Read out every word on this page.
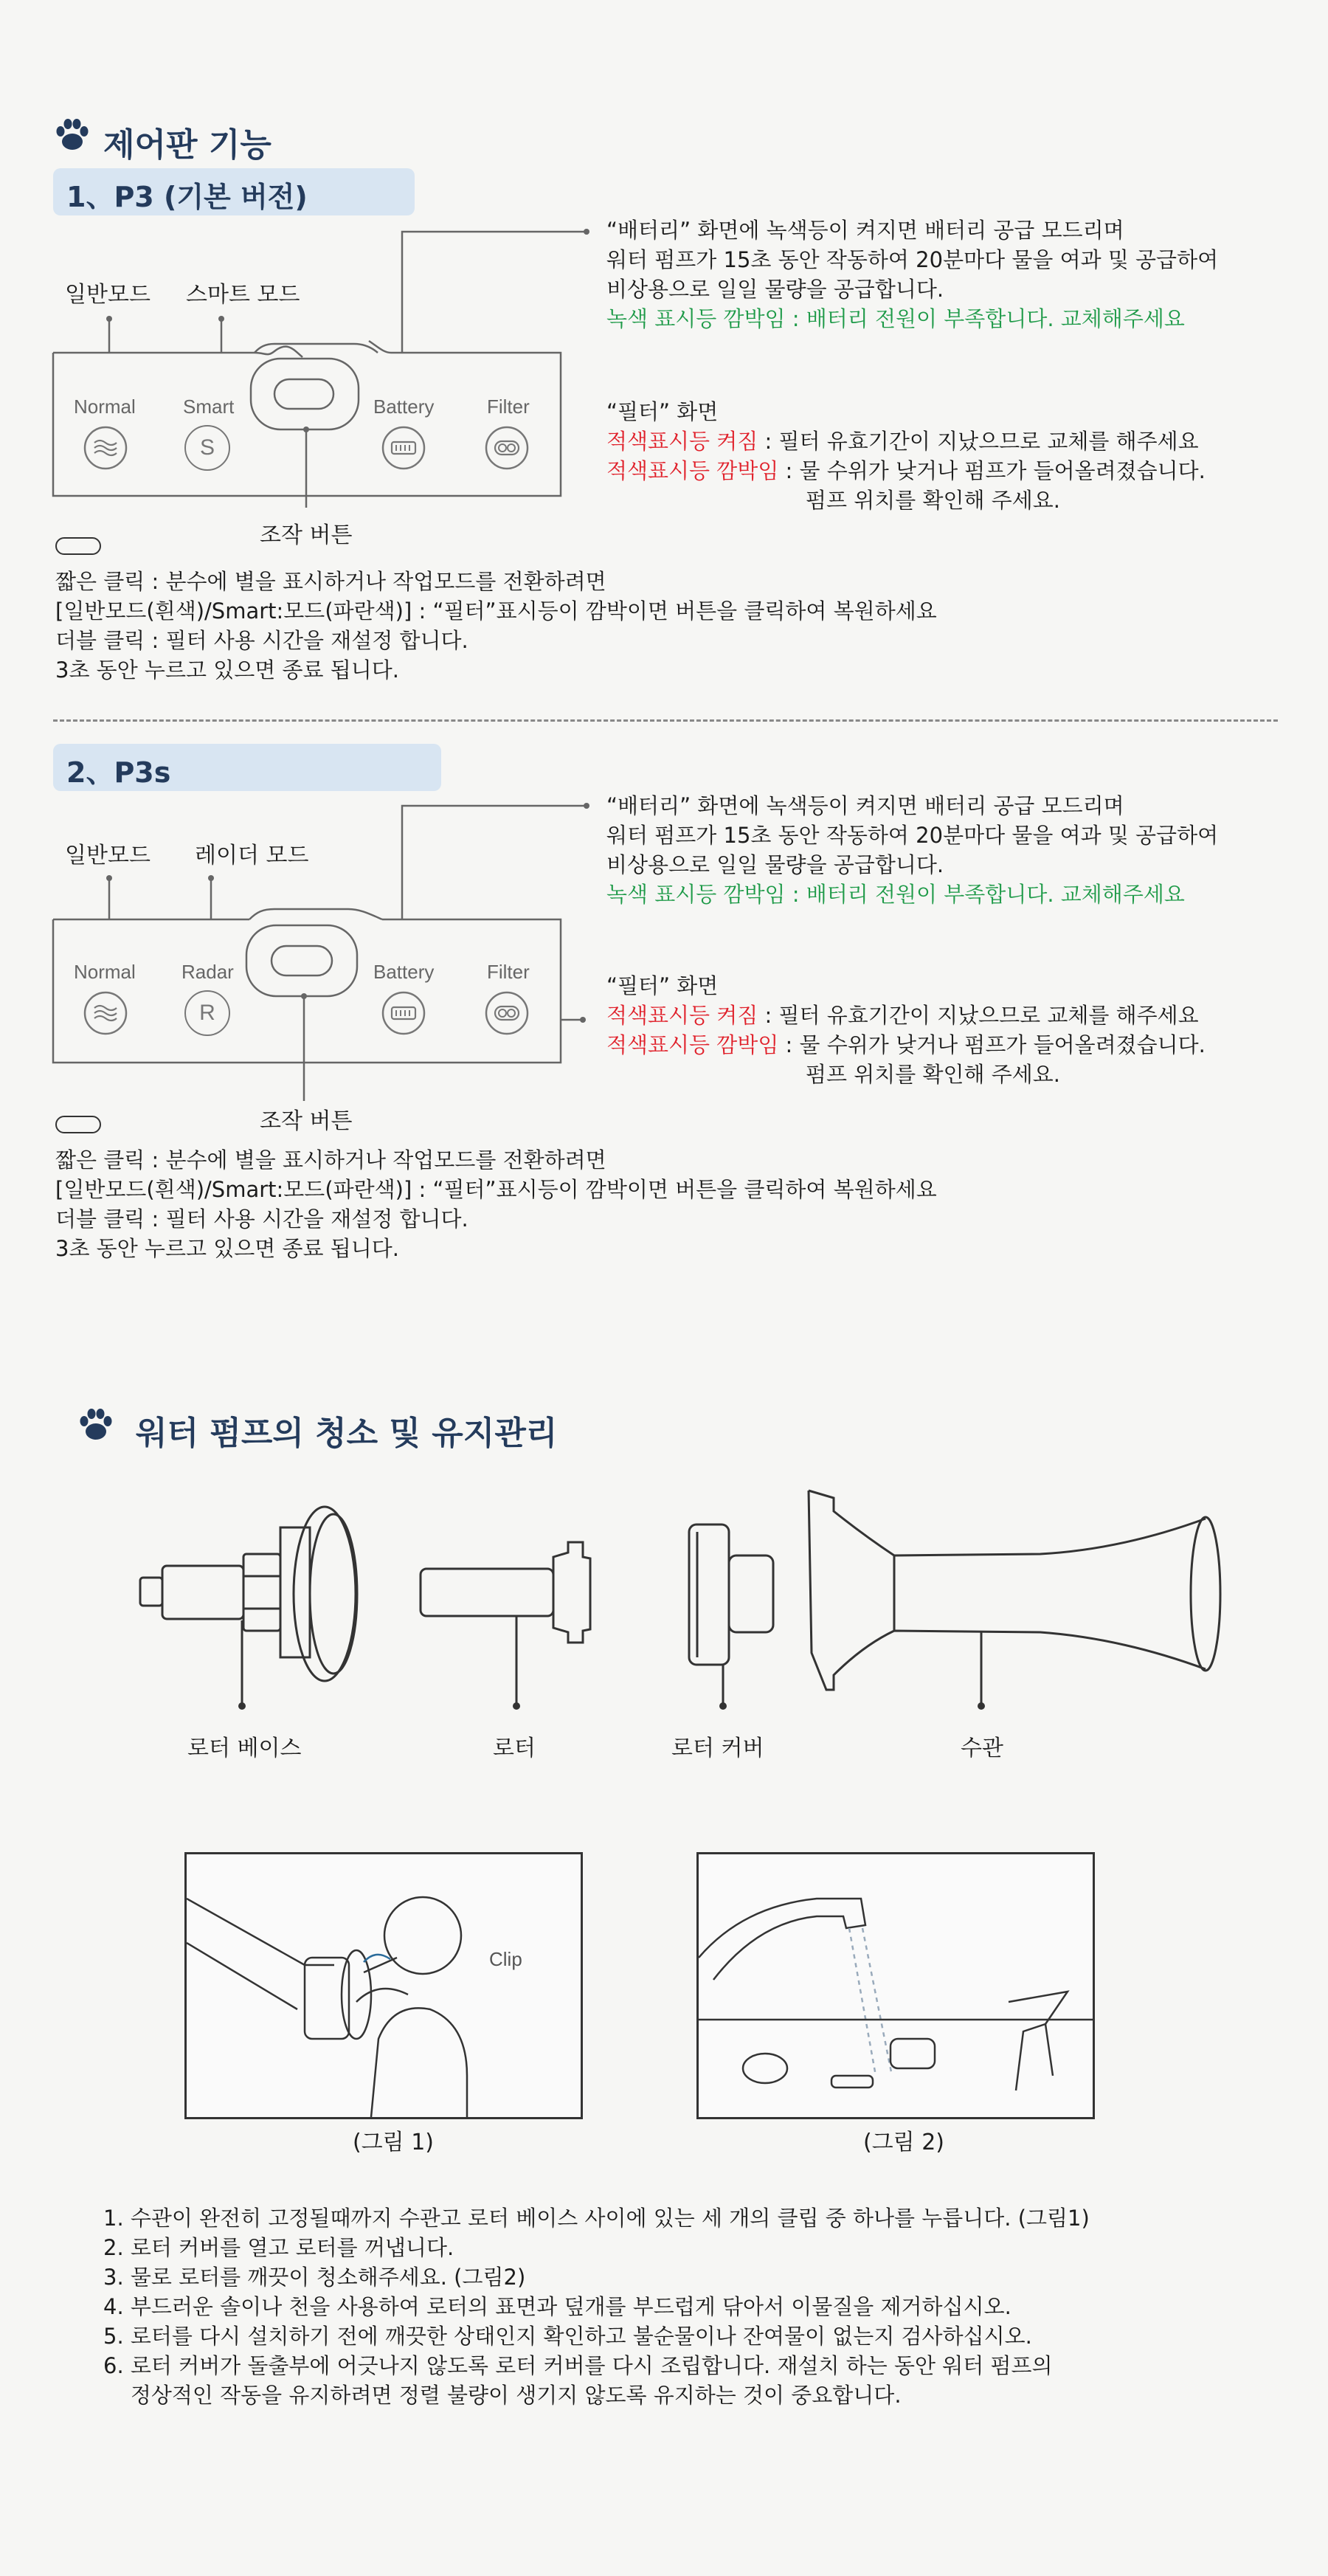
제어판 기능
1、P3 (기본 버전)
일반모드 스마트 모드
Normal Smart	Battery	Filter
S
조작 버튼
“배터리” 화면에 녹색등이 켜지면 배터리 공급 모드리며
워터 펌프가 15초 동안 작동하여 20분마다 물을 여과 및 공급하여
비상용으로 일일 물량을 공급합니다.
녹색 표시등 깜박임 : 배터리 전원이 부족합니다. 교체해주세요
“필터” 화면
적색표시등 켜짐 : 필터 유효기간이 지났으므로 교체를 해주세요
적색표시등 깜박임 : 물 수위가 낮거나 펌프가 들어올려졌습니다.
펌프 위치를 확인해 주세요.
짧은 클릭 : 분수에 별을 표시하거나 작업모드를 전환하려면
[일반모드(흰색)/Smart:모드(파란색)] : “필터”표시등이 깜박이면 버튼을 클릭하여 복원하세요
더블 클릭 : 필터 사용 시간을 재설정 합니다.
3초 동안 누르고 있으면 종료 됩니다.
2、P3s
일반모드 레이더 모드
Normal Radar	Battery	Filter
R
조작 버튼
“배터리” 화면에 녹색등이 켜지면 배터리 공급 모드리며
워터 펌프가 15초 동안 작동하여 20분마다 물을 여과 및 공급하여
비상용으로 일일 물량을 공급합니다.
녹색 표시등 깜박임 : 배터리 전원이 부족합니다. 교체해주세요
“필터” 화면
적색표시등 켜짐 : 필터 유효기간이 지났으므로 교체를 해주세요
적색표시등 깜박임 : 물 수위가 낮거나 펌프가 들어올려졌습니다.
펌프 위치를 확인해 주세요.
짧은 클릭 : 분수에 별을 표시하거나 작업모드를 전환하려면
[일반모드(흰색)/Smart:모드(파란색)] : “필터”표시등이 깜박이면 버튼을 클릭하여 복원하세요
더블 클릭 : 필터 사용 시간을 재설정 합니다.
3초 동안 누르고 있으면 종료 됩니다.
워터 펌프의 청소 및 유지관리
로터 베이스	로터	로터 커버	수관
Clip
(그림 1)	(그림 2)
1. 수관이 완전히 고정될때까지 수관고 로터 베이스 사이에 있는 세 개의 클립 중 하나를 누릅니다. (그림1)
2. 로터 커버를 열고 로터를 꺼냅니다.
3. 물로 로터를 깨끗이 청소해주세요. (그림2)
4. 부드러운 솔이나 천을 사용하여 로터의 표면과 덮개를 부드럽게 닦아서 이물질을 제거하십시오.
5. 로터를 다시 설치하기 전에 깨끗한 상태인지 확인하고 불순물이나 잔여물이 없는지 검사하십시오.
6. 로터 커버가 돌출부에 어긋나지 않도록 로터 커버를 다시 조립합니다. 재설치 하는 동안 워터 펌프의
정상적인 작동을 유지하려면 정렬 불량이 생기지 않도록 유지하는 것이 중요합니다.
